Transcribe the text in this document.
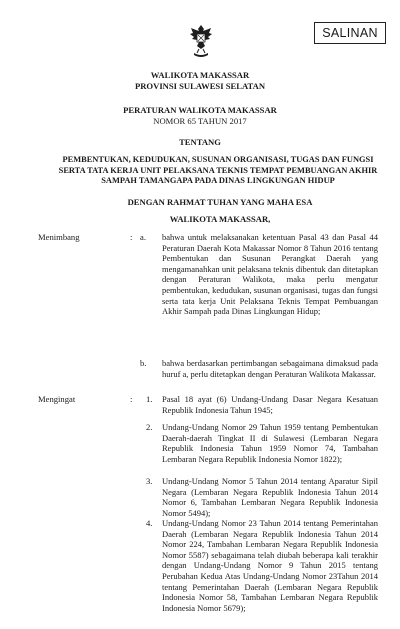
SALINAN
WALIKOTA MAKASSAR
PROVINSI SULAWESI SELATAN
PERATURAN WALIKOTA MAKASSAR
NOMOR 65 TAHUN 2017
TENTANG
PEMBENTUKAN, KEDUDUKAN, SUSUNAN ORGANISASI, TUGAS DAN FUNGSI
SERTA TATA KERJA UNIT PELAKSANA TEKNIS TEMPAT PEMBUANGAN AKHIR
SAMPAH TAMANGAPA PADA DINAS LINGKUNGAN HIDUP
DENGAN RAHMAT TUHAN YANG MAHA ESA
WALIKOTA MAKASSAR,
Menimbang	: a. bahwa untuk melaksanakan ketentuan Pasal 43 dan Pasal 44 Peraturan Daerah Kota Makassar Nomor 8 Tahun 2016 tentang Pembentukan dan Susunan Perangkat Daerah yang mengamanahkan unit pelaksana teknis dibentuk dan ditetapkan dengan Peraturan Walikota, maka perlu mengatur pembentukan, kedudukan, susunan organisasi, tugas dan fungsi serta tata kerja Unit Pelaksana Teknis Tempat Pembuangan Akhir Sampah pada Dinas Lingkungan Hidup;
b. bahwa berdasarkan pertimbangan sebagaimana dimaksud pada huruf a, perlu ditetapkan dengan Peraturan Walikota Makassar.
Mengingat	: 1. Pasal 18 ayat (6) Undang-Undang Dasar Negara Kesatuan Republik Indonesia Tahun 1945;
2. Undang-Undang Nomor 29 Tahun 1959 tentang Pembentukan Daerah-daerah Tingkat II di Sulawesi (Lembaran Negara Republik Indonesia Tahun 1959 Nomor 74, Tambahan Lembaran Negara Republik Indonesia Nomor 1822);
3. Undang-Undang Nomor 5 Tahun 2014 tentang Aparatur Sipil Negara (Lembaran Negara Republik Indonesia Tahun 2014 Nomor 6, Tambahan Lembaran Negara Republik Indonesia Nomor 5494);
4. Undang-Undang Nomor 23 Tahun 2014 tentang Pemerintahan Daerah (Lembaran Negara Republik Indonesia Tahun 2014 Nomor 224, Tambahan Lembaran Negara Republik Indonesia Nomor 5587) sebagaimana telah diubah beberapa kali terakhir dengan Undang-Undang Nomor 9 Tahun 2015 tentang Perubahan Kedua Atas Undang-Undang Nomor 23Tahun 2014 tentang Pemerintahan Daerah (Lembaran Negara Republik Indonesia Nomor 58, Tambahan Lembaran Negara Republik Indonesia Nomor 5679);
